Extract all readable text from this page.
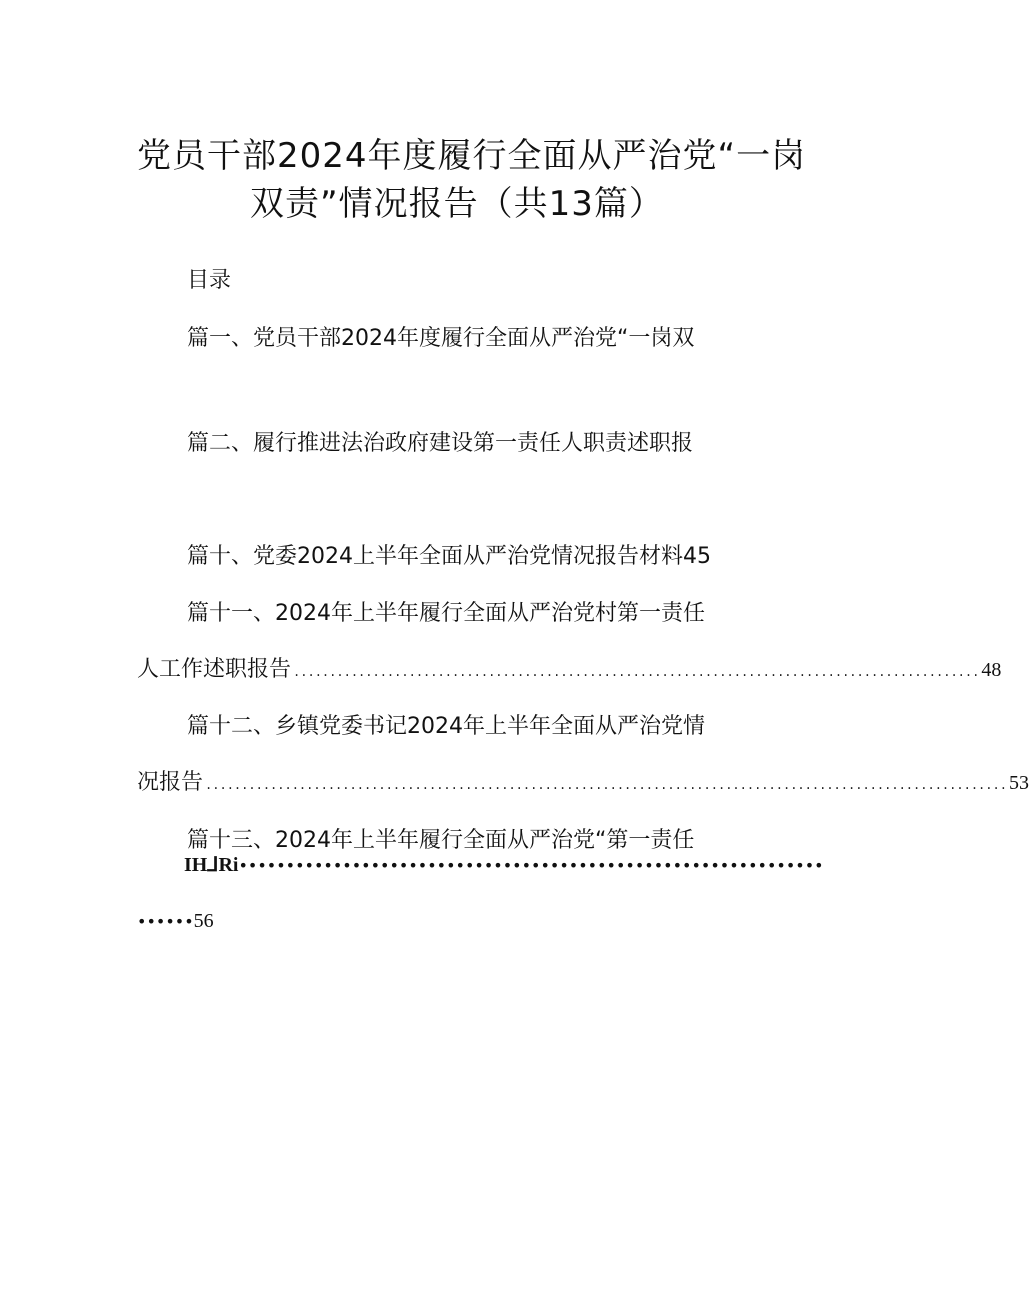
党员干部2024年度履行全面从严治党“一岗
双责”情况报告（共13篇）
目录
篇一、党员干部2024年度履行全面从严治党“一岗双
篇二、履行推进法治政府建设第一责任人职责述职报
篇十、党委2024上半年全面从严治党情况报告材料45
篇十一、2024年上半年履行全面从严治党村第一责任
人工作述职报告 ............................................................................................... 48
篇十二、乡镇党委书记2024年上半年全面从严治党情
况报告 ............................................................................................................... 53
篇十三、2024年上半年履行全面从严治党“第一责任
IH⅃Ri••••••••••••••••••••••••••••••••••••••••••••••••••••••••••••••
••••••56
